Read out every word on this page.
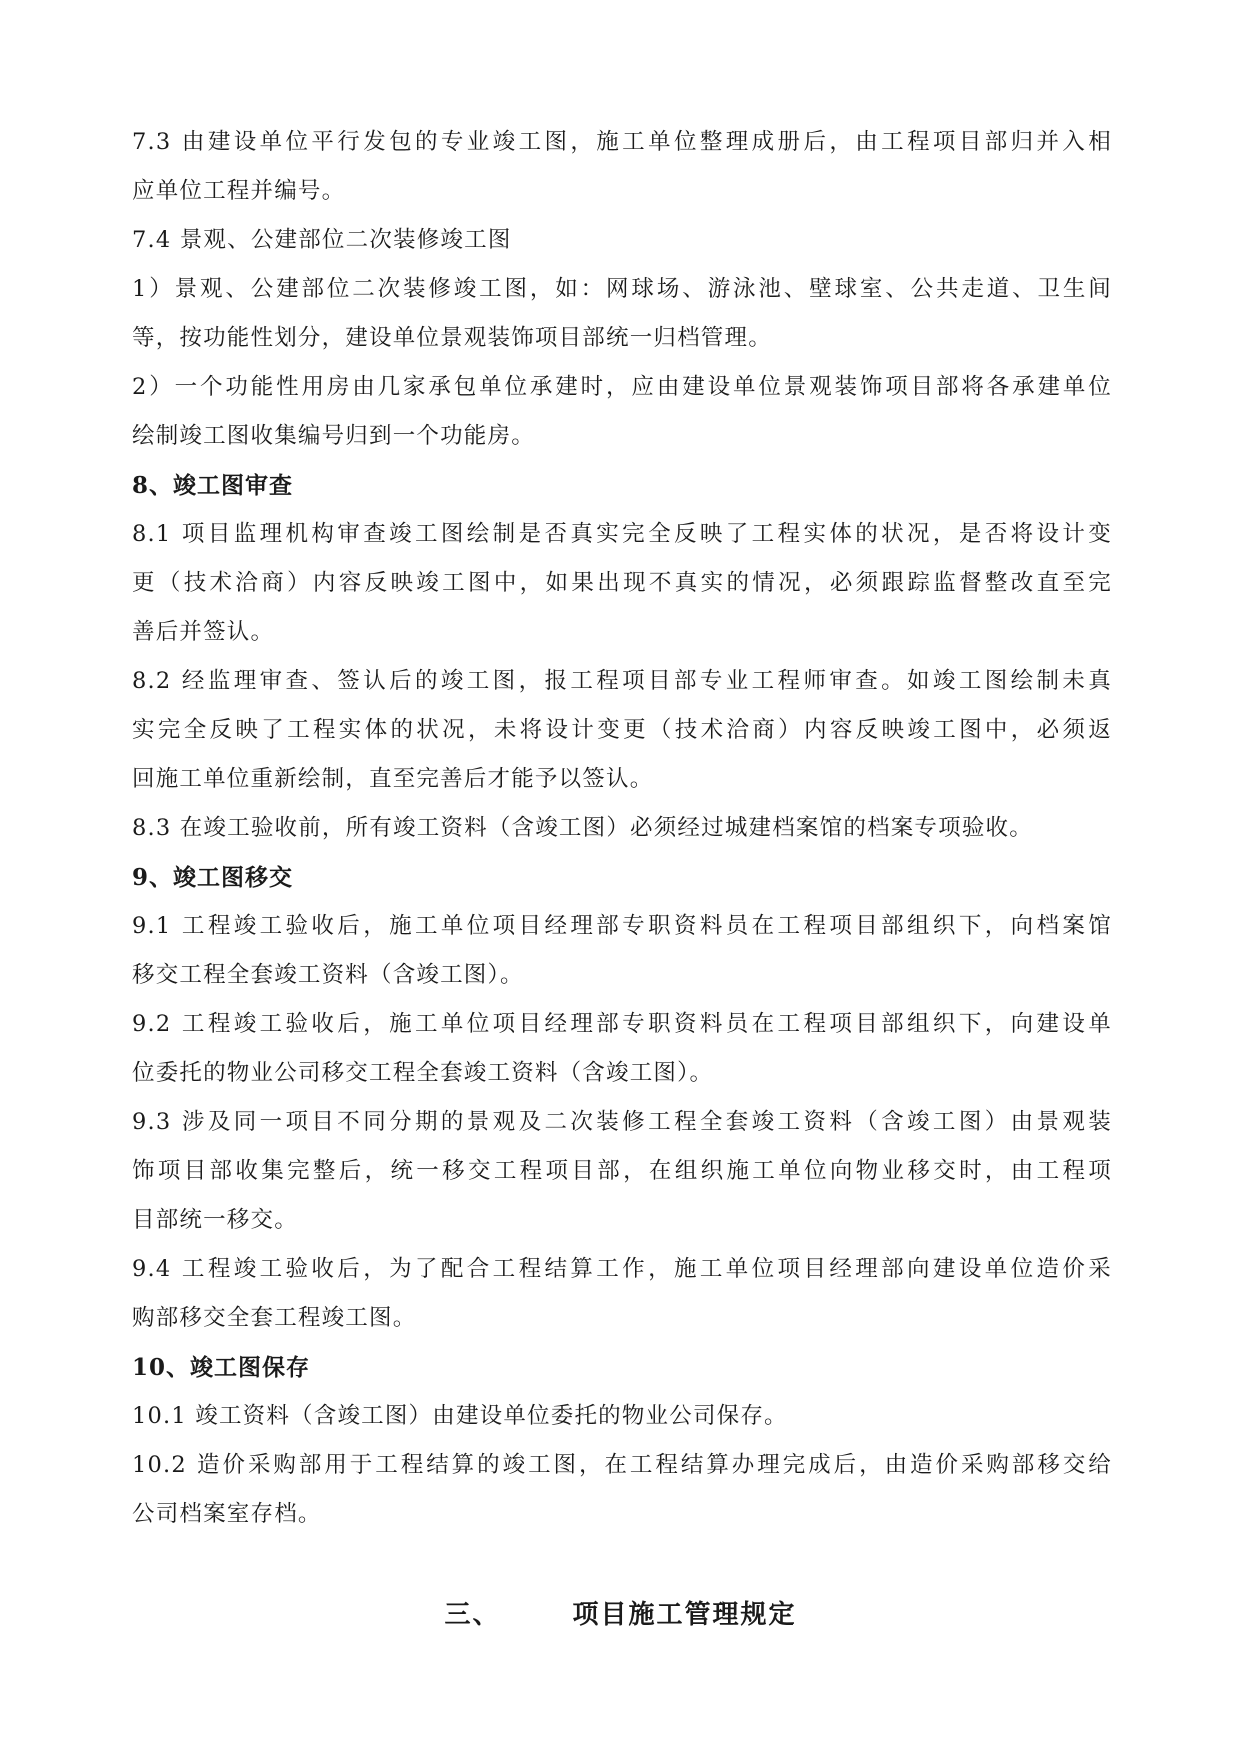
7.3 由建设单位平行发包的专业竣工图，施工单位整理成册后，由工程项目部归并入相
应单位工程并编号。
7.4 景观、公建部位二次装修竣工图
1）景观、公建部位二次装修竣工图，如：网球场、游泳池、壁球室、公共走道、卫生间
等，按功能性划分，建设单位景观装饰项目部统一归档管理。
2）一个功能性用房由几家承包单位承建时，应由建设单位景观装饰项目部将各承建单位
绘制竣工图收集编号归到一个功能房。
8、竣工图审查
8.1 项目监理机构审查竣工图绘制是否真实完全反映了工程实体的状况，是否将设计变
更（技术洽商）内容反映竣工图中，如果出现不真实的情况，必须跟踪监督整改直至完
善后并签认。
8.2 经监理审查、签认后的竣工图，报工程项目部专业工程师审查。如竣工图绘制未真
实完全反映了工程实体的状况，未将设计变更（技术洽商）内容反映竣工图中，必须返
回施工单位重新绘制，直至完善后才能予以签认。
8.3 在竣工验收前，所有竣工资料（含竣工图）必须经过城建档案馆的档案专项验收。
9、竣工图移交
9.1 工程竣工验收后，施工单位项目经理部专职资料员在工程项目部组织下，向档案馆
移交工程全套竣工资料（含竣工图）。
9.2 工程竣工验收后，施工单位项目经理部专职资料员在工程项目部组织下，向建设单
位委托的物业公司移交工程全套竣工资料（含竣工图）。
9.3 涉及同一项目不同分期的景观及二次装修工程全套竣工资料（含竣工图）由景观装
饰项目部收集完整后，统一移交工程项目部，在组织施工单位向物业移交时，由工程项
目部统一移交。
9.4 工程竣工验收后，为了配合工程结算工作，施工单位项目经理部向建设单位造价采
购部移交全套工程竣工图。
10、竣工图保存
10.1 竣工资料（含竣工图）由建设单位委托的物业公司保存。
10.2 造价采购部用于工程结算的竣工图，在工程结算办理完成后，由造价采购部移交给
公司档案室存档。
三、	项目施工管理规定
